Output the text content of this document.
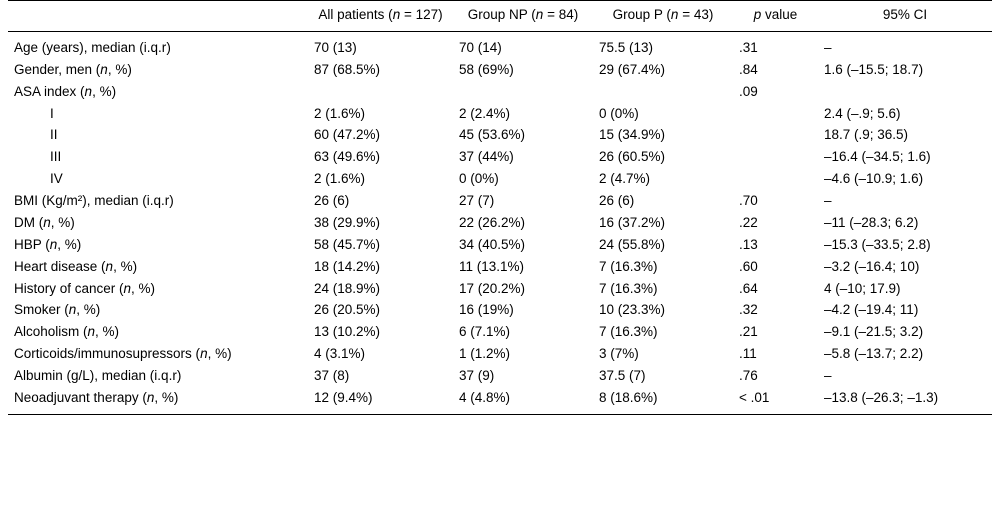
	All patients (n = 127)	Group NP (n = 84)	Group P (n = 43)	p value	95% CI
Age (years), median (i.q.r)	70 (13)	70 (14)	75.5 (13)	.31	–
Gender, men (n, %)	87 (68.5%)	58 (69%)	29 (67.4%)	.84	1.6 (–15.5; 18.7)
ASA index (n, %)				.09	
I	2 (1.6%)	2 (2.4%)	0 (0%)		2.4 (–.9; 5.6)
II	60 (47.2%)	45 (53.6%)	15 (34.9%)		18.7 (.9; 36.5)
III	63 (49.6%)	37 (44%)	26 (60.5%)		–16.4 (–34.5; 1.6)
IV	2 (1.6%)	0 (0%)	2 (4.7%)		–4.6 (–10.9; 1.6)
BMI (Kg/m²), median (i.q.r)	26 (6)	27 (7)	26 (6)	.70	–
DM (n, %)	38 (29.9%)	22 (26.2%)	16 (37.2%)	.22	–11 (–28.3; 6.2)
HBP (n, %)	58 (45.7%)	34 (40.5%)	24 (55.8%)	.13	–15.3 (–33.5; 2.8)
Heart disease (n, %)	18 (14.2%)	11 (13.1%)	7 (16.3%)	.60	–3.2 (–16.4; 10)
History of cancer (n, %)	24 (18.9%)	17 (20.2%)	7 (16.3%)	.64	4 (–10; 17.9)
Smoker (n, %)	26 (20.5%)	16 (19%)	10 (23.3%)	.32	–4.2 (–19.4; 11)
Alcoholism (n, %)	13 (10.2%)	6 (7.1%)	7 (16.3%)	.21	–9.1 (–21.5; 3.2)
Corticoids/immunosupressors (n, %)	4 (3.1%)	1 (1.2%)	3 (7%)	.11	–5.8 (–13.7; 2.2)
Albumin (g/L), median (i.q.r)	37 (8)	37 (9)	37.5 (7)	.76	–
Neoadjuvant therapy (n, %)	12 (9.4%)	4 (4.8%)	8 (18.6%)	< .01	–13.8 (–26.3; –1.3)
